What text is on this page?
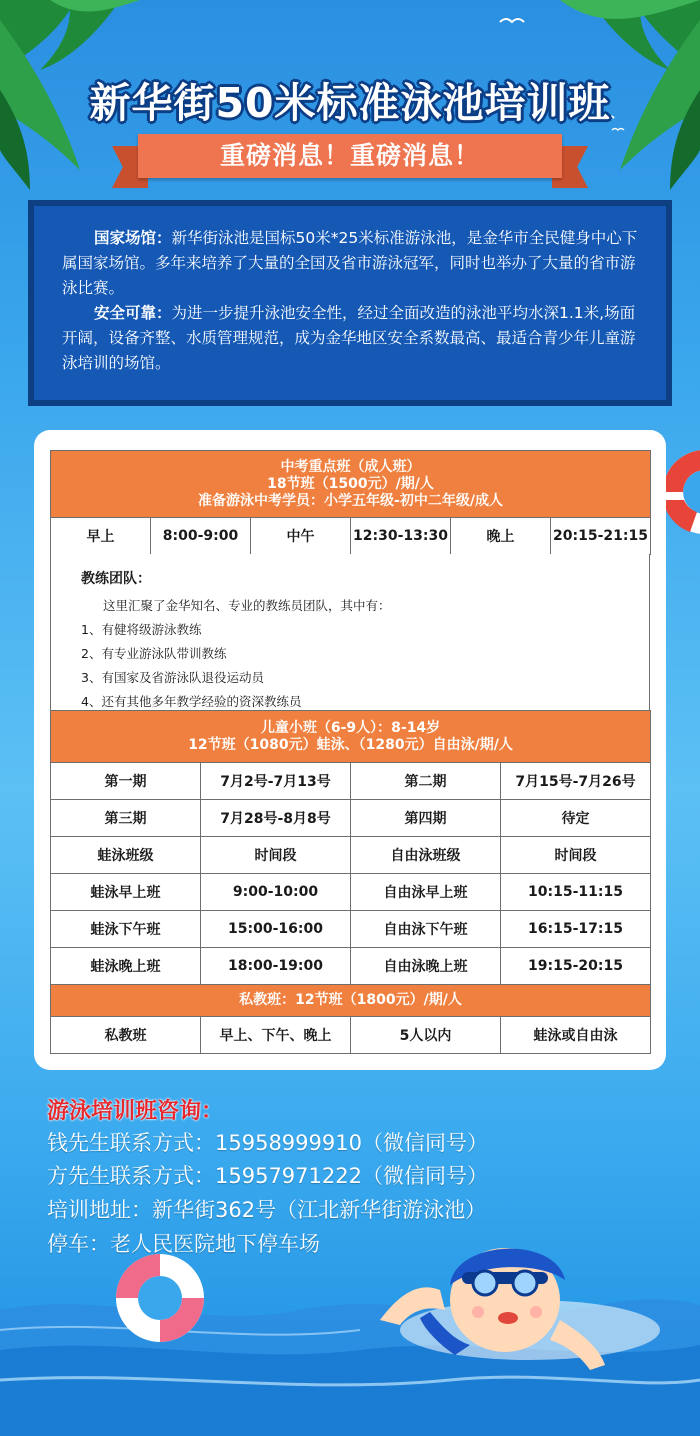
新华街50米标准泳池培训班
重磅消息！重磅消息！

国家场馆：新华街泳池是国标50米*25米标准游泳池，是金华市全民健身中心下属国家场馆。多年来培养了大量的全国及省市游泳冠军，同时也举办了大量的省市游泳比赛。

安全可靠：为进一步提升泳池安全性，经过全面改造的泳池平均水深1.1米,场面开阔，设备齐整、水质管理规范，成为金华地区安全系数最高、最适合青少年儿童游泳培训的场馆。

中考重点班（成人班）
18节班（1500元）/期/人
准备游泳中考学员：小学五年级-初中二年级/成人

早上	8:00-9:00	中午	12:30-13:30	晚上	20:15-21:15
教练团队：
这里汇聚了金华知名、专业的教练员团队，其中有：
1、有健将级游泳教练
2、有专业游泳队带训教练
3、有国家及省游泳队退役运动员
4、还有其他多年教学经验的资深教练员
儿童小班（6-9人）：8-14岁
12节班（1080元）蛙泳、（1280元）自由泳/期/人			

第一期	7月2号-7月13号	第二期	7月15号-7月26号
第三期	7月28号-8月8号	第四期	待定
蛙泳班级	时间段	自由泳班级	时间段
蛙泳早上班	9:00-10:00	自由泳早上班	10:15-11:15
蛙泳下午班	15:00-16:00	自由泳下午班	16:15-17:15
蛙泳晚上班	18:00-19:00	自由泳晚上班	19:15-20:15
私教班：12节班（1800元）/期/人			
私教班	早上、下午、晚上	5人以内	蛙泳或自由泳
游泳培训班咨询：
钱先生联系方式：15958999910（微信同号）
方先生联系方式：15957971222（微信同号）
培训地址：新华街362号（江北新华街游泳池）
停车：老人民医院地下停车场
